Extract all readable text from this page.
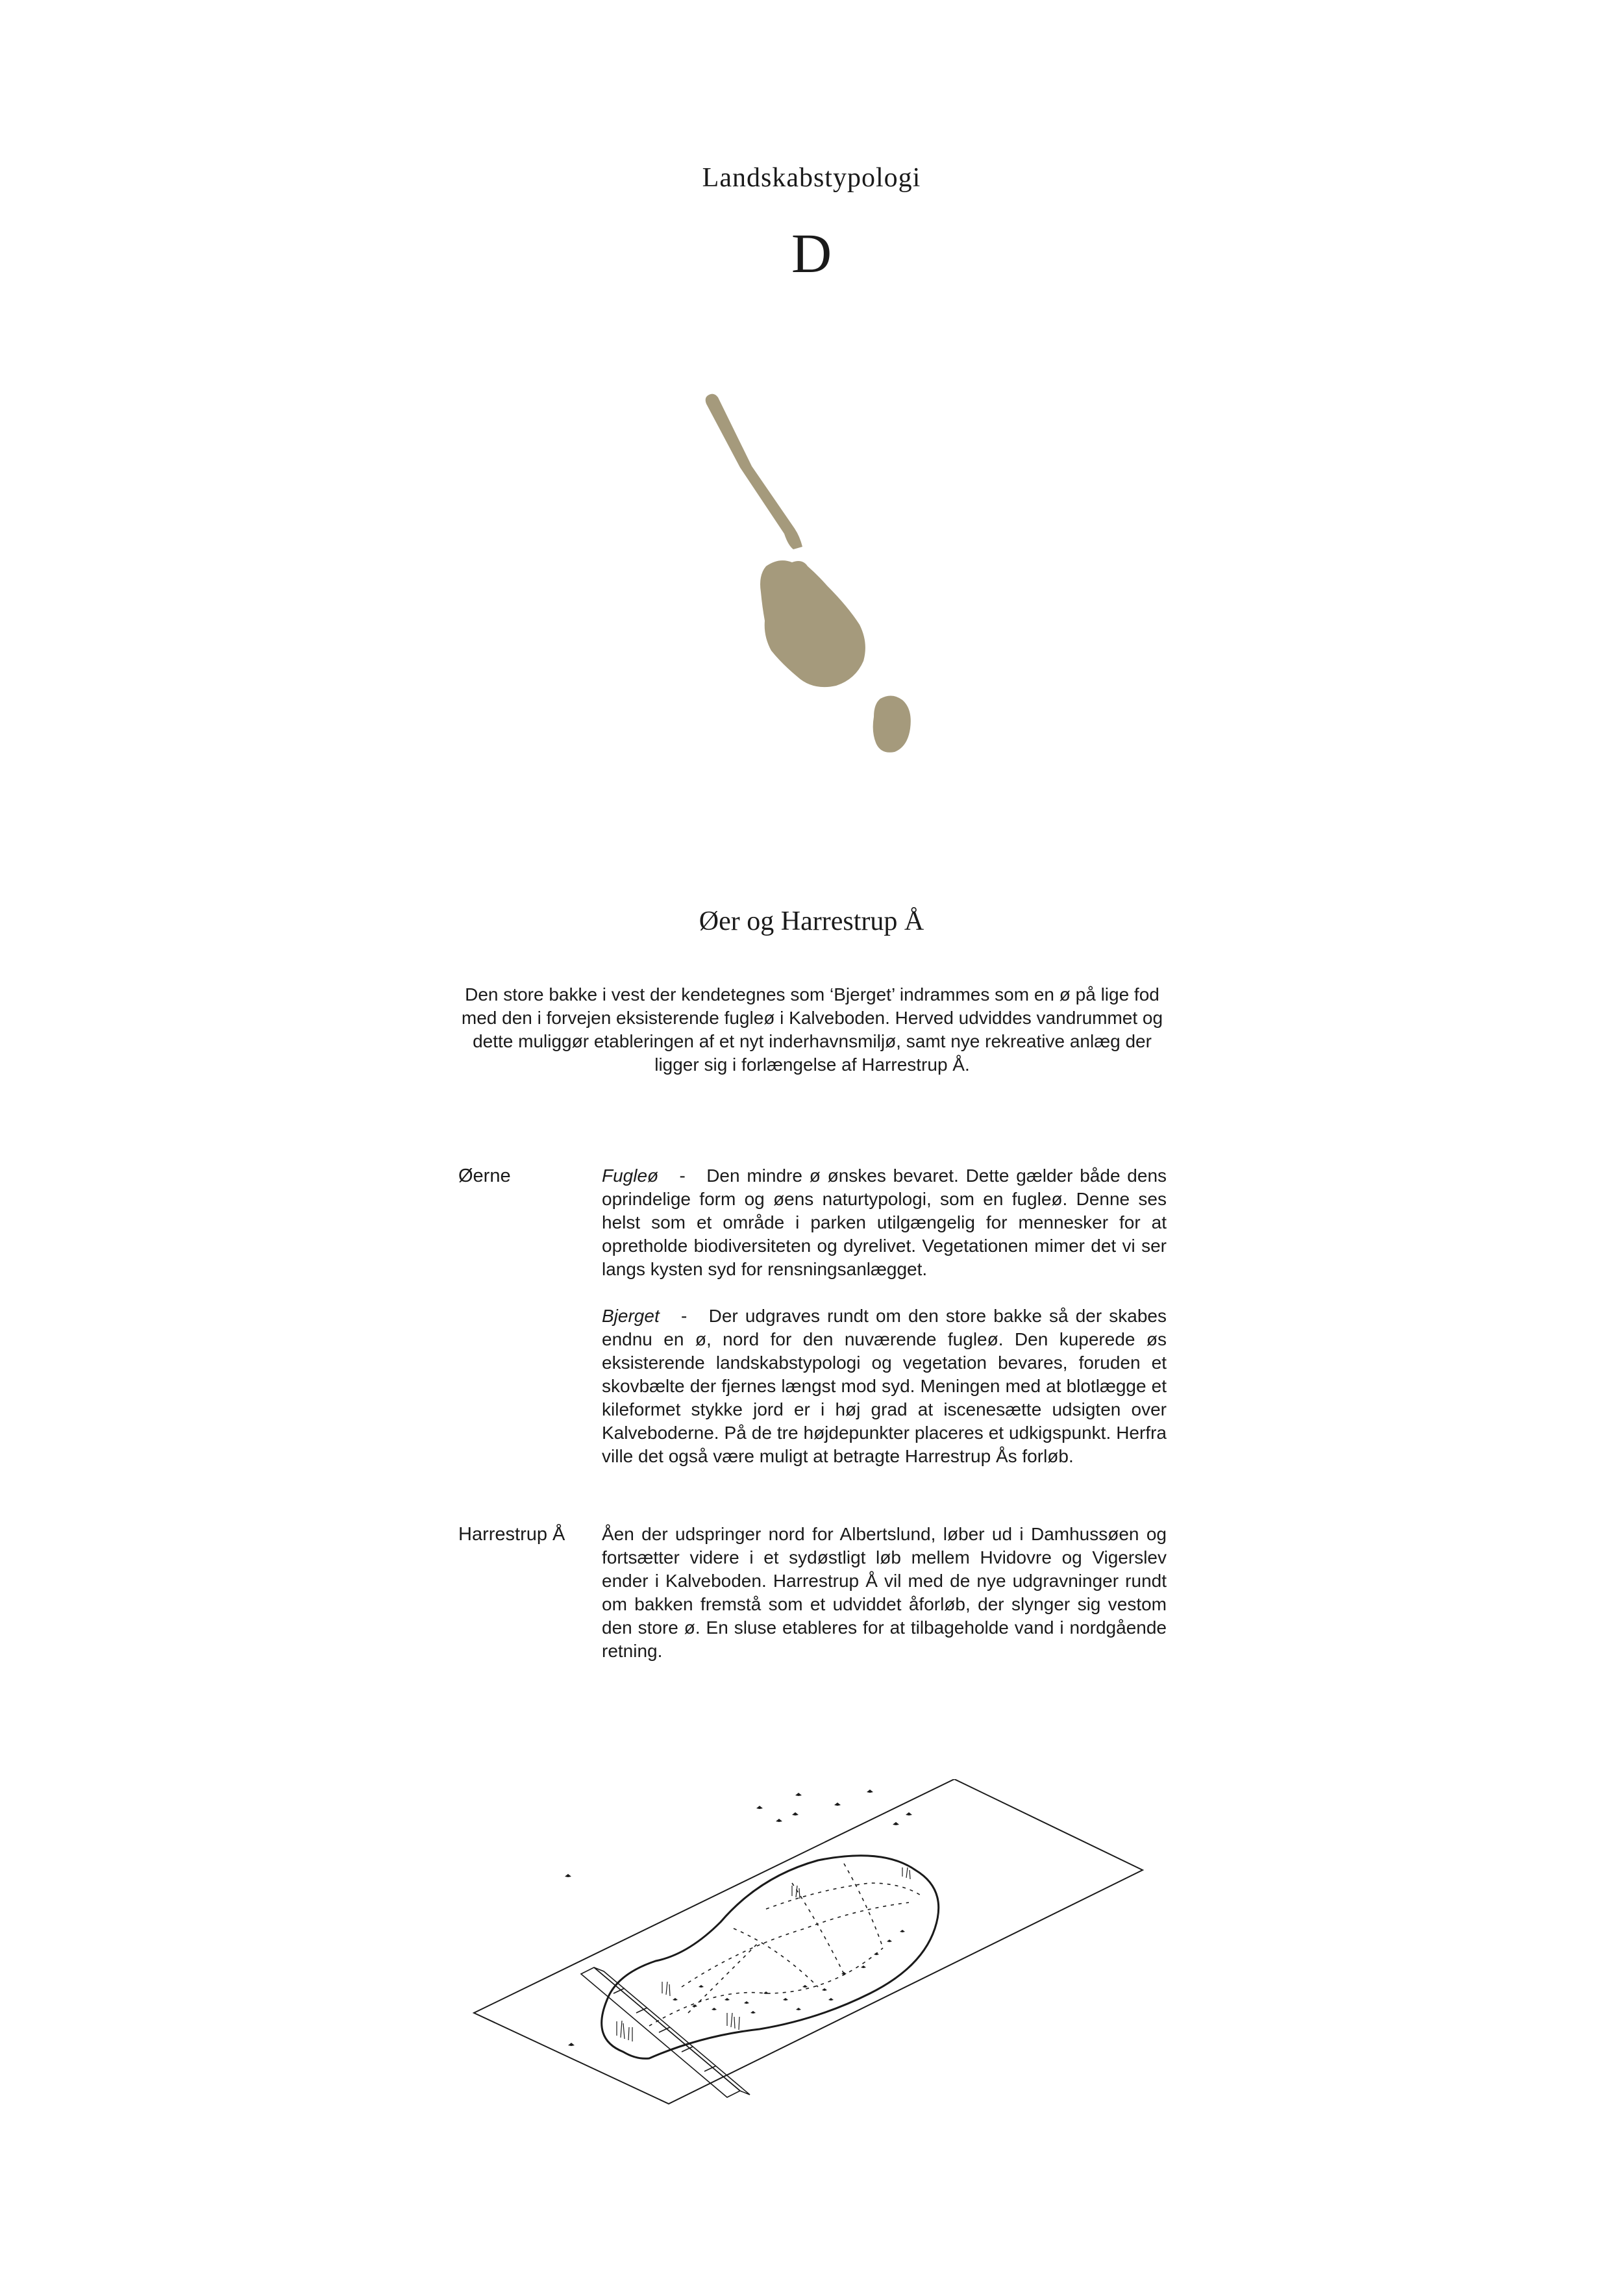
Landskabstypologi
D
Øer og Harrestrup Å
Den store bakke i vest der kendetegnes som ‘Bjerget’ indrammes som en ø på lige fod med den i forvejen eksisterende fugleø i Kalveboden. Herved udviddes vandrummet og dette muliggør etableringen af et nyt inderhavnsmiljø, samt nye rekreative anlæg der ligger sig i forlængelse af Harrestrup Å.
Øerne	Fugleø - Den mindre ø ønskes bevaret. Dette gælder både dens oprindelige form og øens naturtypologi, som en fugleø. Denne ses helst som et område i parken utilgængelig for mennesker for at opretholde biodiversiteten og dyrelivet. Vegetationen mimer det vi ser langs kysten syd for rensningsanlægget.

Bjerget - Der udgraves rundt om den store bakke så der skabes endnu en ø, nord for den nuværende fugleø. Den kuperede øs eksisterende landskabstypologi og vegetation bevares, foruden et skovbælte der fjernes længst mod syd. Meningen med at blotlægge et kileformet stykke jord er i høj grad at iscenesætte udsigten over Kalveboderne. På de tre højdepunkter placeres et udkigspunkt. Herfra ville det også være muligt at betragte Harrestrup Ås forløb.

Harrestrup Å	Åen der udspringer nord for Albertslund, løber ud i Damhussøen og fortsætter videre i et sydøstligt løb mellem Hvidovre og Vigerslev ender i Kalveboden. Harrestrup Å vil med de nye udgravninger rundt om bakken fremstå som et udviddet åforløb, der slynger sig vestom den store ø. En sluse etableres for at tilbageholde vand i nordgående retning.
